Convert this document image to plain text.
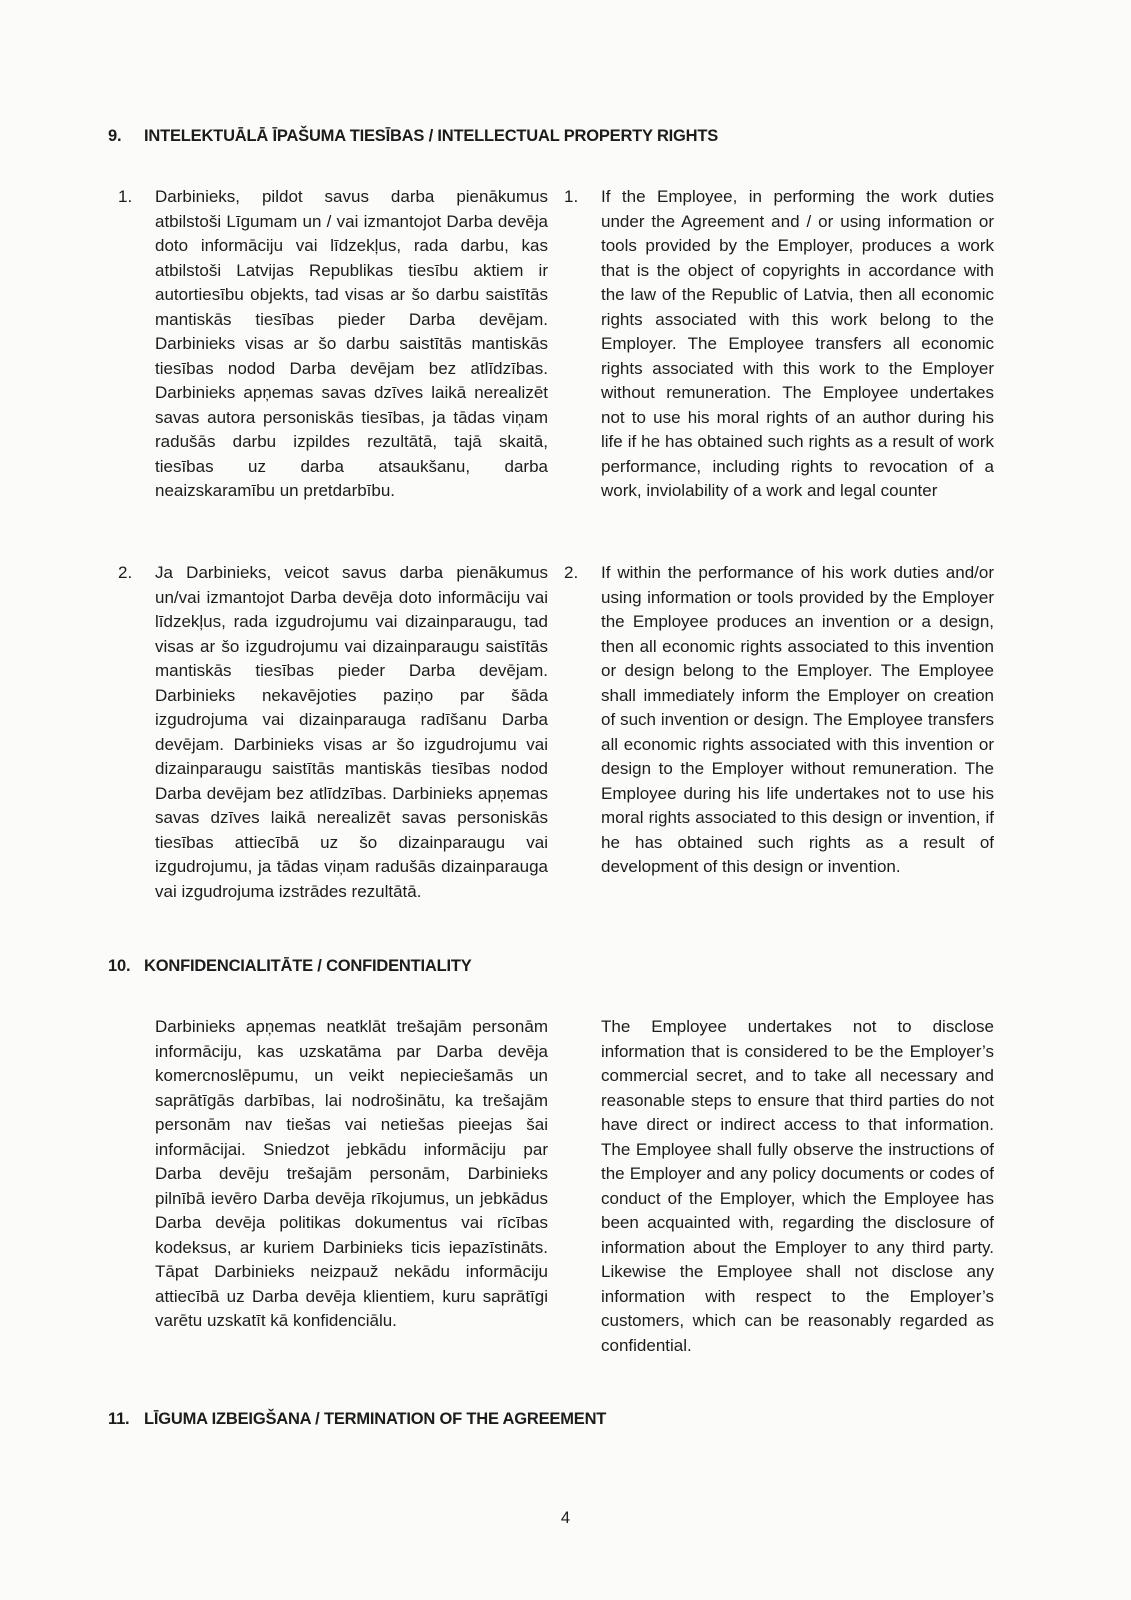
9. INTELEKTUĀLĀ ĪPAŠUMA TIESĪBAS / INTELLECTUAL PROPERTY RIGHTS
1. Darbinieks, pildot savus darba pienākumus atbilstoši Līgumam un / vai izmantojot Darba devēja doto informāciju vai līdzekļus, rada darbu, kas atbilstoši Latvijas Republikas tiesību aktiem ir autortiesību objekts, tad visas ar šo darbu saistītās mantiskās tiesības pieder Darba devējam. Darbinieks visas ar šo darbu saistītās mantiskās tiesības nodod Darba devējam bez atlīdzības. Darbinieks apņemas savas dzīves laikā nerealizēt savas autora personiskās tiesības, ja tādas viņam radušās darbu izpildes rezultātā, tajā skaitā, tiesības uz darba atsaukšanu, darba neaizskaramību un pretdarbību.
1. If the Employee, in performing the work duties under the Agreement and / or using information or tools provided by the Employer, produces a work that is the object of copyrights in accordance with the law of the Republic of Latvia, then all economic rights associated with this work belong to the Employer. The Employee transfers all economic rights associated with this work to the Employer without remuneration. The Employee undertakes not to use his moral rights of an author during his life if he has obtained such rights as a result of work performance, including rights to revocation of a work, inviolability of a work and legal counter
2. Ja Darbinieks, veicot savus darba pienākumus un/vai izmantojot Darba devēja doto informāciju vai līdzekļus, rada izgudrojumu vai dizainparaugu, tad visas ar šo izgudrojumu vai dizainparaugu saistītās mantiskās tiesības pieder Darba devējam. Darbinieks nekavējoties paziņo par šāda izgudrojuma vai dizainparauga radīšanu Darba devējam. Darbinieks visas ar šo izgudrojumu vai dizainparaugu saistītās mantiskās tiesības nodod Darba devējam bez atlīdzības. Darbinieks apņemas savas dzīves laikā nerealizēt savas personiskās tiesības attiecībā uz šo dizainparaugu vai izgudrojumu, ja tādas viņam radušās dizainparauga vai izgudrojuma izstrādes rezultātā.
2. If within the performance of his work duties and/or using information or tools provided by the Employer the Employee produces an invention or a design, then all economic rights associated to this invention or design belong to the Employer. The Employee shall immediately inform the Employer on creation of such invention or design. The Employee transfers all economic rights associated with this invention or design to the Employer without remuneration. The Employee during his life undertakes not to use his moral rights associated to this design or invention, if he has obtained such rights as a result of development of this design or invention.
10. KONFIDENCIALITĀTE / CONFIDENTIALITY
Darbinieks apņemas neatklāt trešajām personām informāciju, kas uzskatāma par Darba devēja komercnoslēpumu, un veikt nepieciešamās un saprātīgās darbības, lai nodrošinātu, ka trešajām personām nav tiešas vai netiešas pieejas šai informācijai. Sniedzot jebkādu informāciju par Darba devēju trešajām personām, Darbinieks pilnībā ievēro Darba devēja rīkojumus, un jebkādus Darba devēja politikas dokumentus vai rīcības kodeksus, ar kuriem Darbinieks ticis iepazīstināts. Tāpat Darbinieks neizpauž nekādu informāciju attiecībā uz Darba devēja klientiem, kuru saprātīgi varētu uzskatīt kā konfidenciālu.
The Employee undertakes not to disclose information that is considered to be the Employer’s commercial secret, and to take all necessary and reasonable steps to ensure that third parties do not have direct or indirect access to that information. The Employee shall fully observe the instructions of the Employer and any policy documents or codes of conduct of the Employer, which the Employee has been acquainted with, regarding the disclosure of information about the Employer to any third party. Likewise the Employee shall not disclose any information with respect to the Employer’s customers, which can be reasonably regarded as confidential.
11. LĪGUMA IZBEIGŠANA / TERMINATION OF THE AGREEMENT
4
